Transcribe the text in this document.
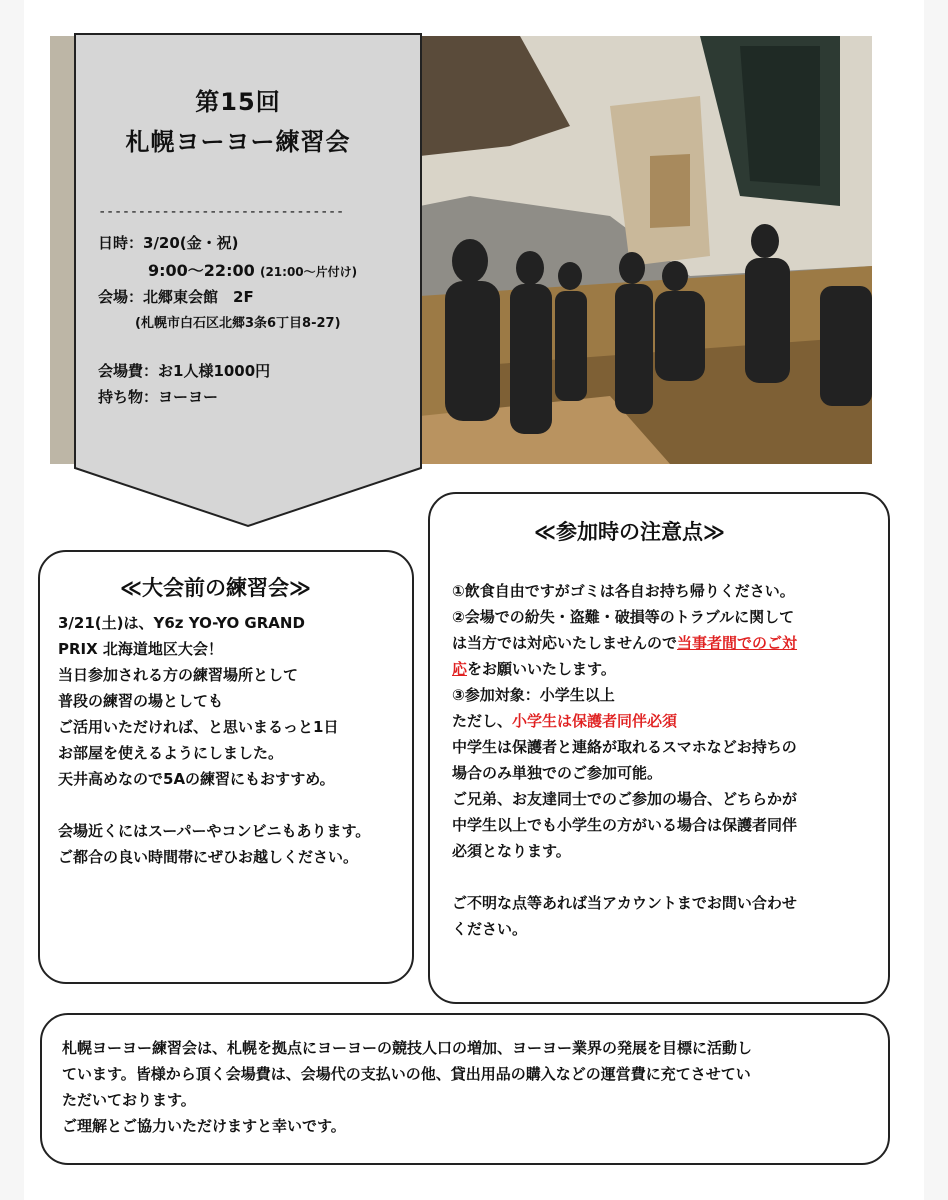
第15回
札幌ヨーヨー練習会
-------------------------------
日時：3/20(金・祝)
9:00〜22:00 (21:00〜片付け)
会場：北郷東会館　2F
(札幌市白石区北郷3条6丁目8-27)
会場費：お1人様1000円
持ち物：ヨーヨー
≪大会前の練習会≫
3/21(土)は、Y6z YO-YO GRAND
PRIX 北海道地区大会！
当日参加される方の練習場所として
普段の練習の場としても
ご活用いただければ、と思いまるっと1日
お部屋を使えるようにしました。
天井高めなので5Aの練習にもおすすめ。
会場近くにはスーパーやコンビニもあります。
ご都合の良い時間帯にぜひお越しください。
≪参加時の注意点≫
①飲食自由ですがゴミは各自お持ち帰りください。
②会場での紛失・盗難・破損等のトラブルに関して
は当方では対応いたしませんので当事者間でのご対
応をお願いいたします。
③参加対象：小学生以上
ただし、小学生は保護者同伴必須
中学生は保護者と連絡が取れるスマホなどお持ちの
場合のみ単独でのご参加可能。
ご兄弟、お友達同士でのご参加の場合、どちらかが
中学生以上でも小学生の方がいる場合は保護者同伴
必須となります。
ご不明な点等あれば当アカウントまでお問い合わせ
ください。
札幌ヨーヨー練習会は、札幌を拠点にヨーヨーの競技人口の増加、ヨーヨー業界の発展を目標に活動し
ています。皆様から頂く会場費は、会場代の支払いの他、貸出用品の購入などの運営費に充てさせてい
ただいております。
ご理解とご協力いただけますと幸いです。
